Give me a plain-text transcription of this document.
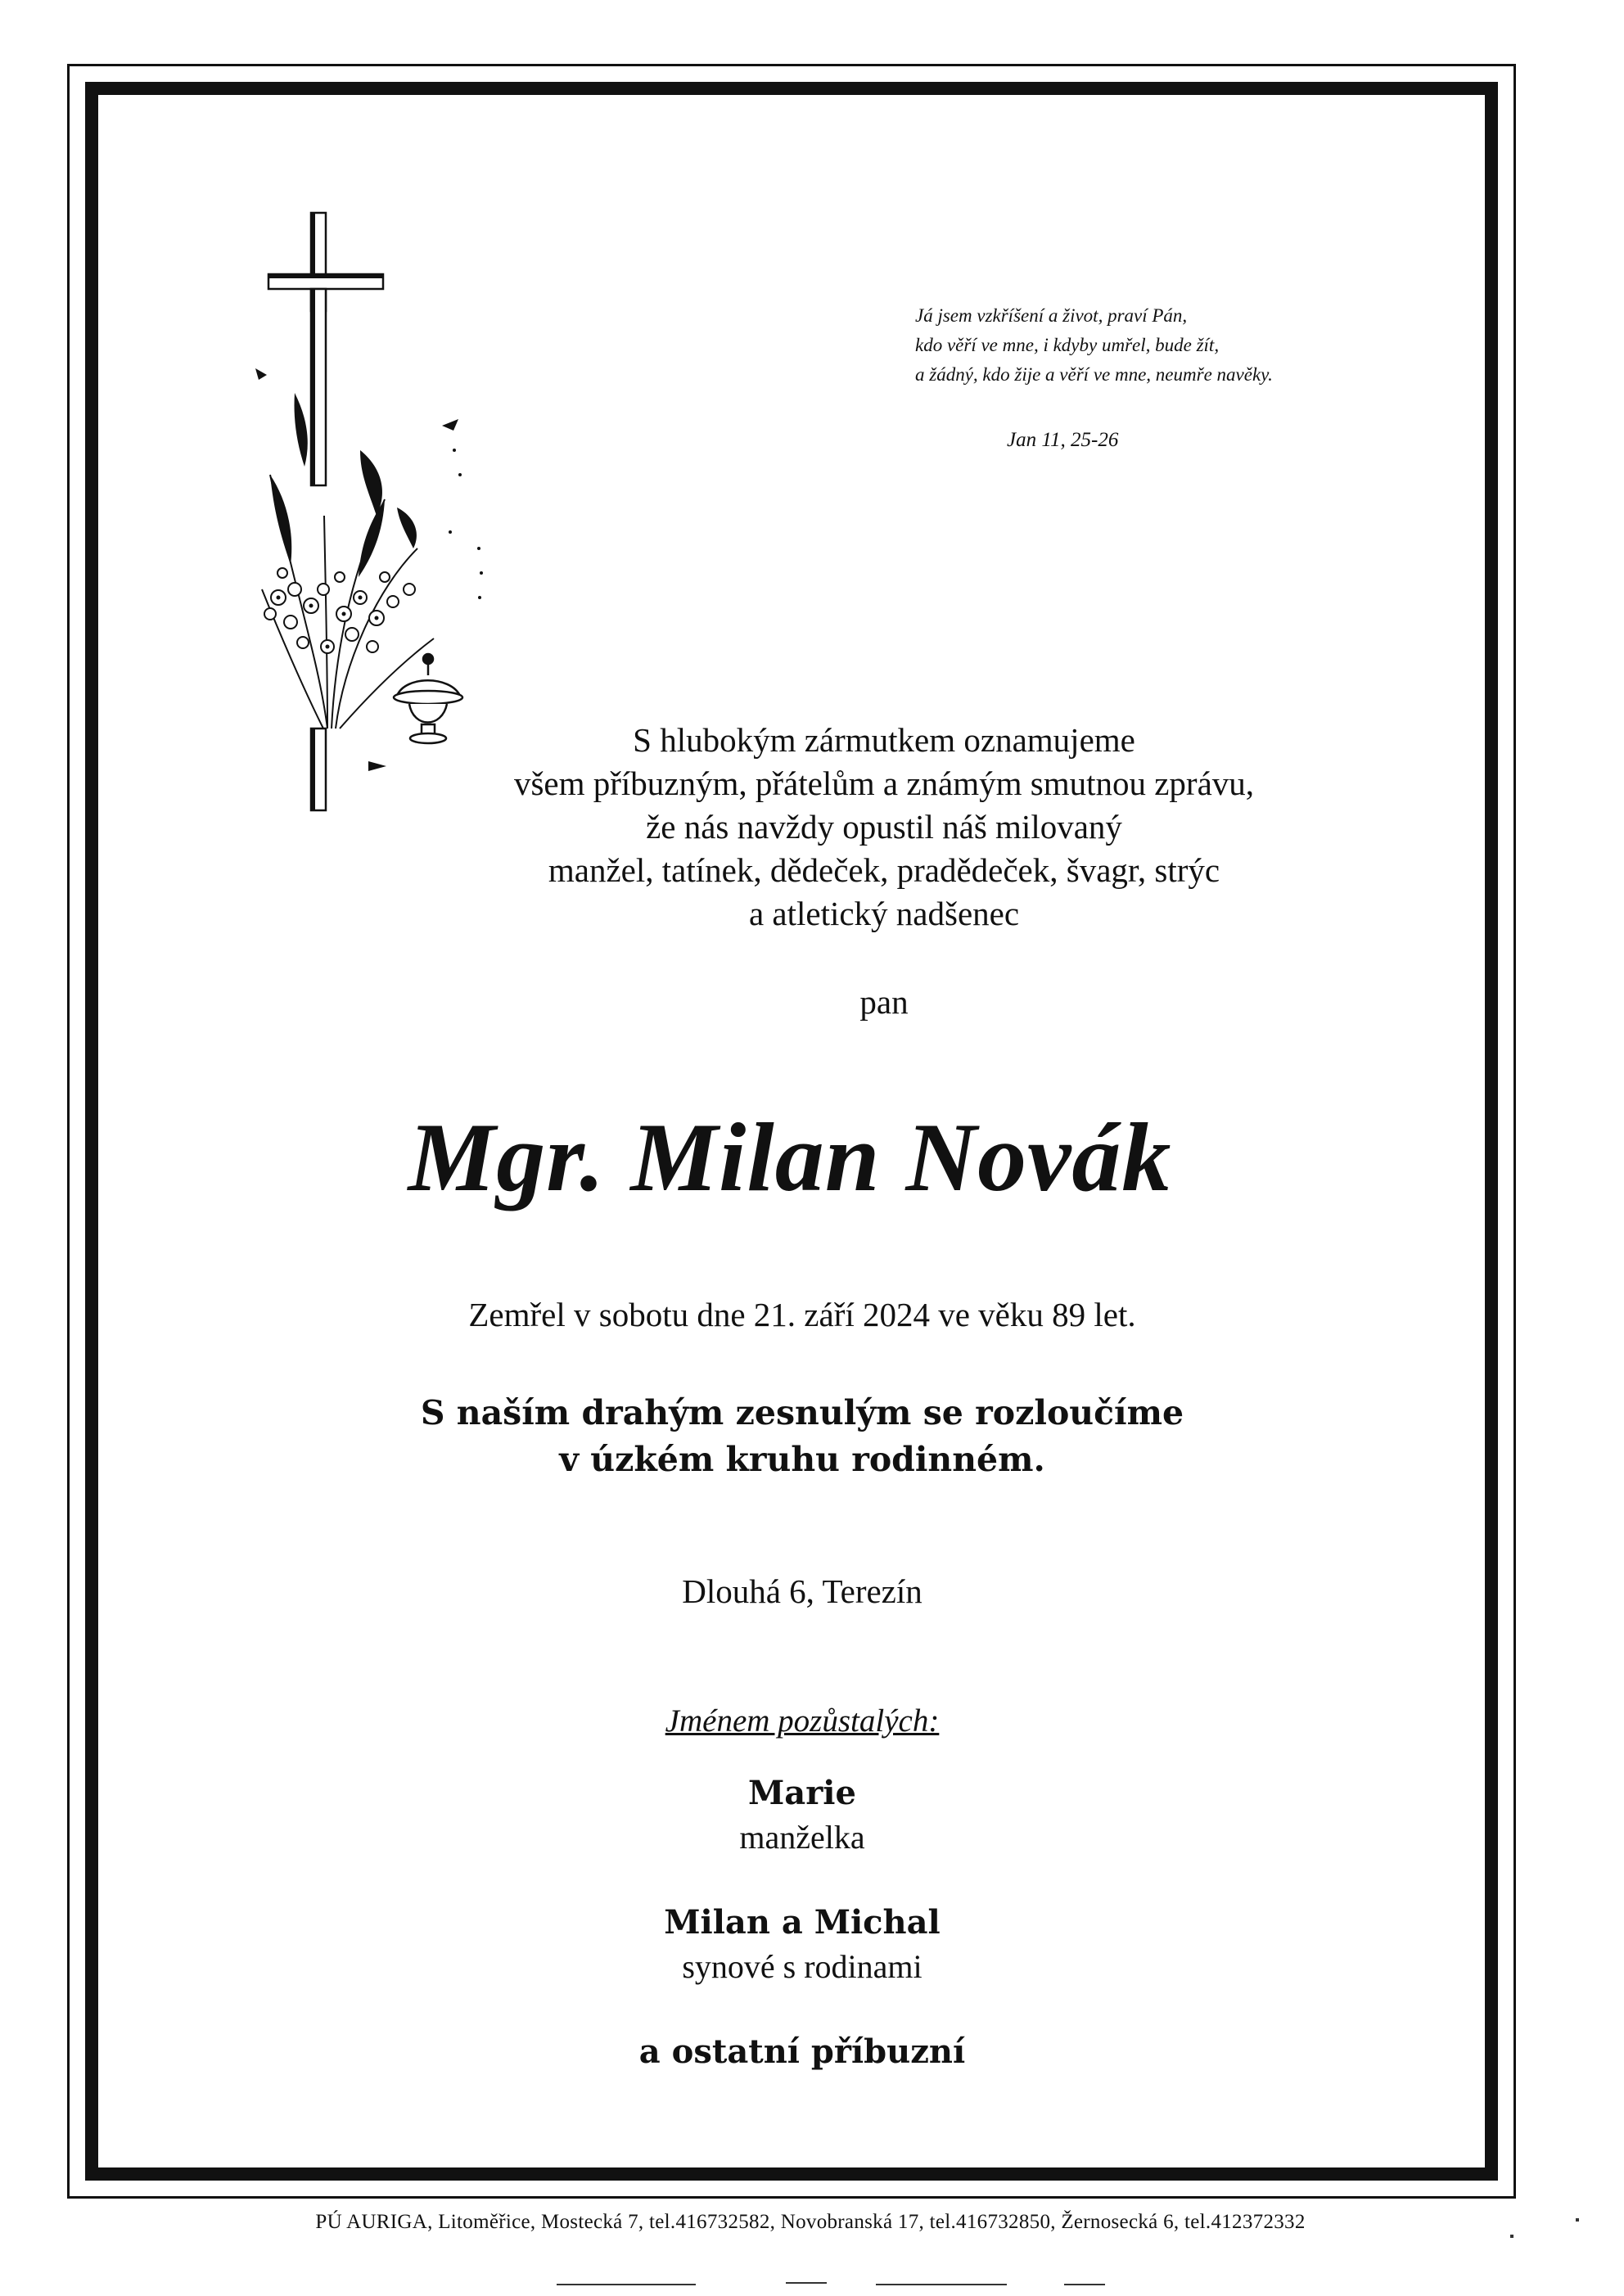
Já jsem vzkříšení a život, praví Pán,
kdo věří ve mne, i kdyby umřel, bude žít,
a žádný, kdo žije a věří ve mne, neumře navěky.
Jan 11, 25-26
S hlubokým zármutkem oznamujeme
všem příbuzným, přátelům a známým smutnou zprávu,
že nás navždy opustil náš milovaný
manžel, tatínek, dědeček, pradědeček, švagr, strýc
a atletický nadšenec
pan
Mgr. Milan Novák
Zemřel v sobotu dne 21. září 2024 ve věku 89 let.
S naším drahým zesnulým se rozloučíme
v úzkém kruhu rodinném.
Dlouhá 6, Terezín
Jménem pozůstalých:
Marie
manželka
Milan a Michal
synové s rodinami
a ostatní příbuzní
PÚ AURIGA, Litoměřice, Mostecká 7, tel.416732582, Novobranská 17, tel.416732850, Žernosecká 6, tel.412372332
